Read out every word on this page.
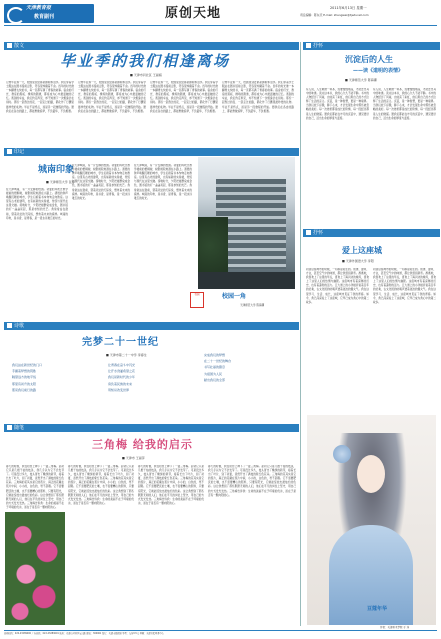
天津教育报
教育副刊	原创天地	2011年6月13日 星期一
责任编辑：陈东庆 E-mail: zhengwei@tjedunet.com
散文
毕业季的我们相逢离场
■ 天津市河北区 王丽娟
记得毕业那一天，校园里到处都是拥抱和泪水。我们穿着学士服站在图书馆前合影，笑容里却藏着不舍。四年的时光像一本翻得太快的书，每一页都写满了青春的故事。宿舍的灯光、教室的黑板、操场的跑道，都将成为心中最温暖的记忆。离别的车站，我们约定再见，却不知道下一次相逢会在何时。那些一起熬过的夜、一起走过的路，都化作了行囊里最珍贵的礼物。毕业不是终点，而是另一段旅程的开始。愿我们在各自的路上，都能勇敢追梦，不负韶华，不负相遇。
记得毕业那一天，校园里到处都是拥抱和泪水。我们穿着学士服站在图书馆前合影，笑容里却藏着不舍。四年的时光像一本翻得太快的书，每一页都写满了青春的故事。宿舍的灯光、教室的黑板、操场的跑道，都将成为心中最温暖的记忆。离别的车站，我们约定再见，却不知道下一次相逢会在何时。那些一起熬过的夜、一起走过的路，都化作了行囊里最珍贵的礼物。毕业不是终点，而是另一段旅程的开始。愿我们在各自的路上，都能勇敢追梦，不负韶华，不负相遇。
记得毕业那一天，校园里到处都是拥抱和泪水。我们穿着学士服站在图书馆前合影，笑容里却藏着不舍。四年的时光像一本翻得太快的书，每一页都写满了青春的故事。宿舍的灯光、教室的黑板、操场的跑道，都将成为心中最温暖的记忆。离别的车站，我们约定再见，却不知道下一次相逢会在何时。那些一起熬过的夜、一起走过的路，都化作了行囊里最珍贵的礼物。毕业不是终点，而是另一段旅程的开始。愿我们在各自的路上，都能勇敢追梦，不负韶华，不负相遇。
记得毕业那一天，校园里到处都是拥抱和泪水。我们穿着学士服站在图书馆前合影，笑容里却藏着不舍。四年的时光像一本翻得太快的书，每一页都写满了青春的故事。宿舍的灯光、教室的黑板、操场的跑道，都将成为心中最温暖的记忆。离别的车站，我们约定再见，却不知道下一次相逢会在何时。那些一起熬过的夜、一起走过的路，都化作了行囊里最珍贵的礼物。毕业不是终点，而是另一段旅程的开始。愿我们在各自的路上，都能勇敢追梦，不负韶华，不负相遇。
抒怀
沉淀后的人生
——读《道明的表情》
■ 天津师范大学 陈海潮
有人说，人生就像一杯茶，需要慢慢地品，才能尝出其中的味道。读完这本书，我的心久久不能平静。书中的人物经历了风雨，也收获了彩虹，他们用自己的方式诠释了生活的意义。沉淀，是一种智慧，更是一种境界。当我们放下浮躁，静下心来，才会发现生命中那些被忽略的美好。每一次挫折都是成长的阶梯，每一段经历都是人生的财富。愿我们都能在岁月的沉淀中，遇见更好的自己，活出生命的厚度与温度。
有人说，人生就像一杯茶，需要慢慢地品，才能尝出其中的味道。读完这本书，我的心久久不能平静。书中的人物经历了风雨，也收获了彩虹，他们用自己的方式诠释了生活的意义。沉淀，是一种智慧，更是一种境界。当我们放下浮躁，静下心来，才会发现生命中那些被忽略的美好。每一次挫折都是成长的阶梯，每一段经历都是人生的财富。愿我们都能在岁月的沉淀中，遇见更好的自己，活出生命的厚度与温度。
印记
城南印象
■ 天津师范大学 张婷
在天津城南，有一片安静的校园。初夏的风吹过教学楼前的梧桐树，树影斑驳地洒在小路上。清晨的钟声唤醒沉睡的城市，学生们抱着书本匆匆走向教室。这里有古老的建筑，也有崭新的实验楼，传统与现代在这里交融。傍晚时分，夕阳把楼群染成金色，图书馆的灯一盏盏亮起，那是求知的光芒。我常常站在窗前，望着远处的天际线，想象着未来的模样。城南的印象，是书香，是青春，是一段永远难忘的时光。
在天津城南，有一片安静的校园。初夏的风吹过教学楼前的梧桐树，树影斑驳地洒在小路上。清晨的钟声唤醒沉睡的城市，学生们抱着书本匆匆走向教室。这里有古老的建筑，也有崭新的实验楼，传统与现代在这里交融。傍晚时分，夕阳把楼群染成金色，图书馆的灯一盏盏亮起，那是求知的光芒。我常常站在窗前，望着远处的天际线，想象着未来的模样。城南的印象，是书香，是青春，是一段永远难忘的时光。
在天津城南，有一片安静的校园。初夏的风吹过教学楼前的梧桐树，树影斑驳地洒在小路上。清晨的钟声唤醒沉睡的城市，学生们抱着书本匆匆走向教室。这里有古老的建筑，也有崭新的实验楼，传统与现代在这里交融。傍晚时分，夕阳把楼群染成金色，图书馆的灯一盏盏亮起，那是求知的光芒。我常常站在窗前，望着远处的天际线，想象着未来的模样。城南的印象，是书香，是青春，是一段永远难忘的时光。
校园	校园一角
天津师范大学 陈海潮
抒怀
爱上这座城
■ 天津外国语大学 李阳
初到这座城市的时候，一切都是陌生的。街道、建筑、方言，甚至空气中的味道，都让我感到新奇。渐渐地，我喜欢上了这里的早点，喜欢上了海河边的晚风，喜欢上了这里人们的热情与幽默。这座城市有着深厚的历史，也有着蓬勃的活力。五大道上的小洋楼诉说着百年的沧桑，古文化街的吆喝声透着浓浓的烟火气。我在这里学习、生活、成长，这座城市见证了我的青春。如今，我已深深爱上了这座城，它早已成为我心中的第二故乡。
初到这座城市的时候，一切都是陌生的。街道、建筑、方言，甚至空气中的味道，都让我感到新奇。渐渐地，我喜欢上了这里的早点，喜欢上了海河边的晚风，喜欢上了这里人们的热情与幽默。这座城市有着深厚的历史，也有着蓬勃的活力。五大道上的小洋楼诉说着百年的沧桑，古文化街的吆喝声透着浓浓的烟火气。我在这里学习、生活、成长，这座城市见证了我的青春。如今，我已深深爱上了这座城，它早已成为我心中的第二故乡。
诗歌
完梦二十一世纪
■ 天津市第二十一中学 李春生
我们站在新世纪的门口
手握着梦想的钥匙
眺望远方的地平线
那里有初升的太阳
照亮我们前行的路
让青春在奋斗中闪光
让汗水浇灌希望之花
我们是新时代的少年
肩负着民族的未来
用知识改变世界
完成我们的梦想
在二十一世纪的舞台
书写壮丽的篇章
为祖国为人民
献出我们的全部
随笔
三角梅 给我的启示
■ 天津市 王丽萍
春天的时候，我在阳台上种下了一盆三角梅。起初它只是几根干枯的枝条，我几乎以为它不会发芽了。可是没过多久，枝头冒出了嫩绿的新芽，接着长出了叶片，到了初夏，竟然开出了满枝的紫红色花朵。三角梅的花其实是它的苞片，真正的花藏在苞片中间，小小的，白色的，毫不起眼。它不需要肥沃的土壤，也不需要精心的照料，只要有阳光，它就能绽放出最灿烂的色彩。这让我想到了那些默默无闻的人们，他们在平凡的岗位上坚守，用自己的方式发光发热。三角梅告诉我：生命的美丽不在于环境的优劣，而在于是否有一颗向阳的心。
春天的时候，我在阳台上种下了一盆三角梅。起初它只是几根干枯的枝条，我几乎以为它不会发芽了。可是没过多久，枝头冒出了嫩绿的新芽，接着长出了叶片，到了初夏，竟然开出了满枝的紫红色花朵。三角梅的花其实是它的苞片，真正的花藏在苞片中间，小小的，白色的，毫不起眼。它不需要肥沃的土壤，也不需要精心的照料，只要有阳光，它就能绽放出最灿烂的色彩。这让我想到了那些默默无闻的人们，他们在平凡的岗位上坚守，用自己的方式发光发热。三角梅告诉我：生命的美丽不在于环境的优劣，而在于是否有一颗向阳的心。
春天的时候，我在阳台上种下了一盆三角梅。起初它只是几根干枯的枝条，我几乎以为它不会发芽了。可是没过多久，枝头冒出了嫩绿的新芽，接着长出了叶片，到了初夏，竟然开出了满枝的紫红色花朵。三角梅的花其实是它的苞片，真正的花藏在苞片中间，小小的，白色的，毫不起眼。它不需要肥沃的土壤，也不需要精心的照料，只要有阳光，它就能绽放出最灿烂的色彩。这让我想到了那些默默无闻的人们，他们在平凡的岗位上坚守，用自己的方式发光发热。三角梅告诉我：生命的美丽不在于环境的优劣，而在于是否有一颗向阳的心。
春天的时候，我在阳台上种下了一盆三角梅。起初它只是几根干枯的枝条，我几乎以为它不会发芽了。可是没过多久，枝头冒出了嫩绿的新芽，接着长出了叶片，到了初夏，竟然开出了满枝的紫红色花朵。三角梅的花其实是它的苞片，真正的花藏在苞片中间，小小的，白色的，毫不起眼。它不需要肥沃的土壤，也不需要精心的照料，只要有阳光，它就能绽放出最灿烂的色彩。这让我想到了那些默默无闻的人们，他们在平凡的岗位上坚守，用自己的方式发光发热。三角梅告诉我：生命的美丽不在于环境的优劣，而在于是否有一颗向阳的心。
豆蔻年华
作者：天津美术学院 于 洋
新闻热线：022-23289000 广告热线：022-23289001 地址：天津市河西区友谊路 邮编：300061 发行：天津市邮政局 零售：每份0.5元 印刷：天津日报印务中心
